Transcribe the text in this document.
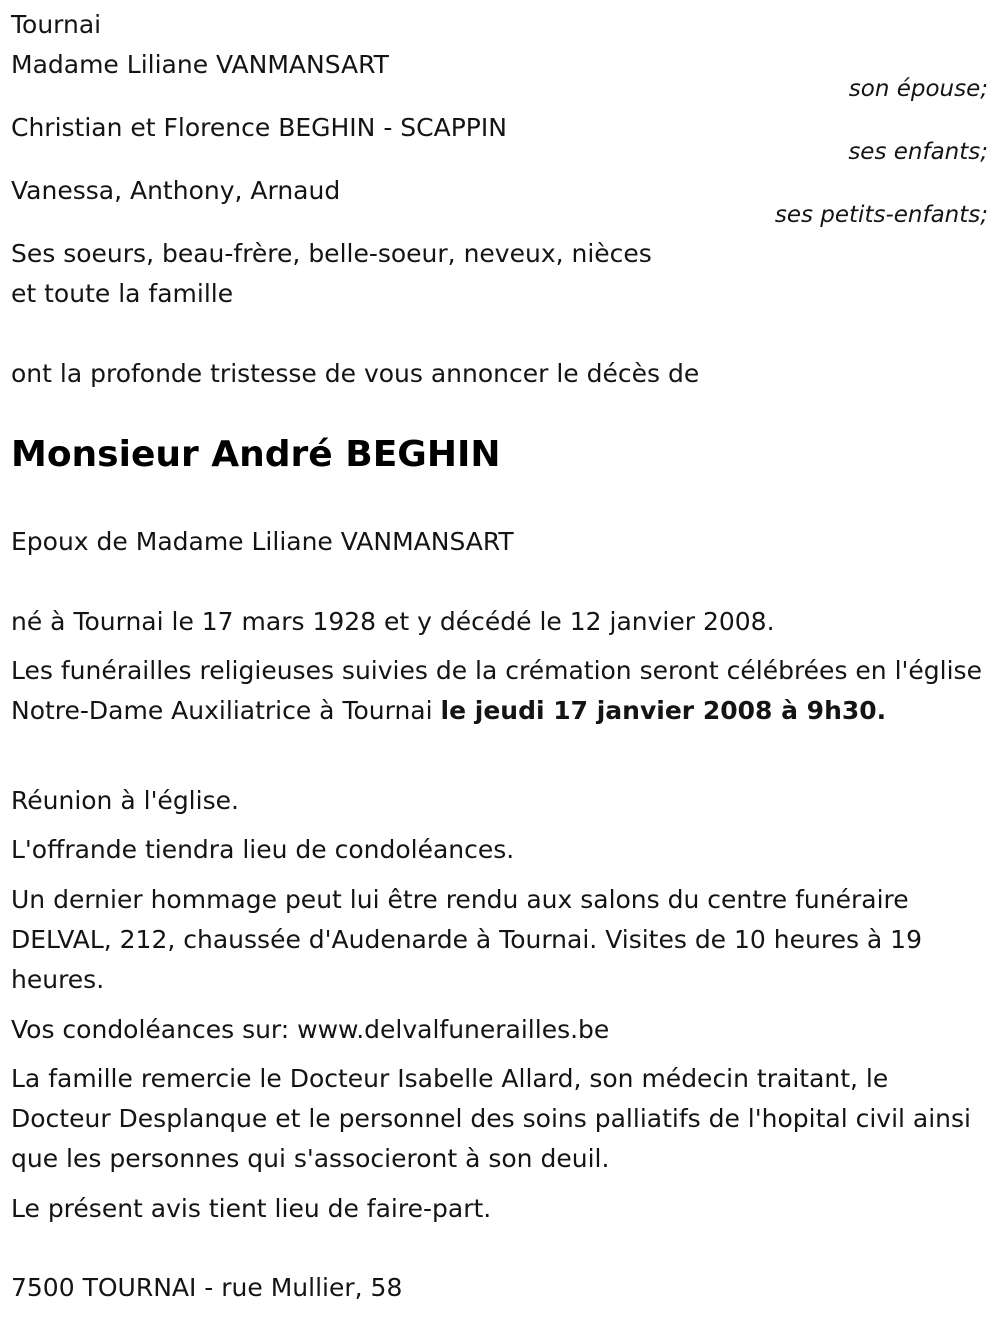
Tournai

Madame Liliane VANMANSART

son épouse;

Christian et Florence BEGHIN - SCAPPIN

ses enfants;

Vanessa, Anthony, Arnaud

ses petits-enfants;

Ses soeurs, beau-frère, belle-soeur, neveux, nièces

et toute la famille

ont la profonde tristesse de vous annoncer le décès de

Monsieur André BEGHIN

Epoux de Madame Liliane VANMANSART

né à Tournai le 17 mars 1928 et y décédé le 12 janvier 2008.

Les funérailles religieuses suivies de la crémation seront célébrées en l'église Notre-Dame Auxiliatrice à Tournai le jeudi 17 janvier 2008 à 9h30.

Réunion à l'église.

L'offrande tiendra lieu de condoléances.

Un dernier hommage peut lui être rendu aux salons du centre funéraire DELVAL, 212, chaussée d'Audenarde à Tournai. Visites de 10 heures à 19 heures.

Vos condoléances sur: www.delvalfunerailles.be

La famille remercie le Docteur Isabelle Allard, son médecin traitant, le Docteur Desplanque et le personnel des soins palliatifs de l'hopital civil ainsi que les personnes qui s'associeront à son deuil.

Le présent avis tient lieu de faire-part.

7500 TOURNAI - rue Mullier, 58
